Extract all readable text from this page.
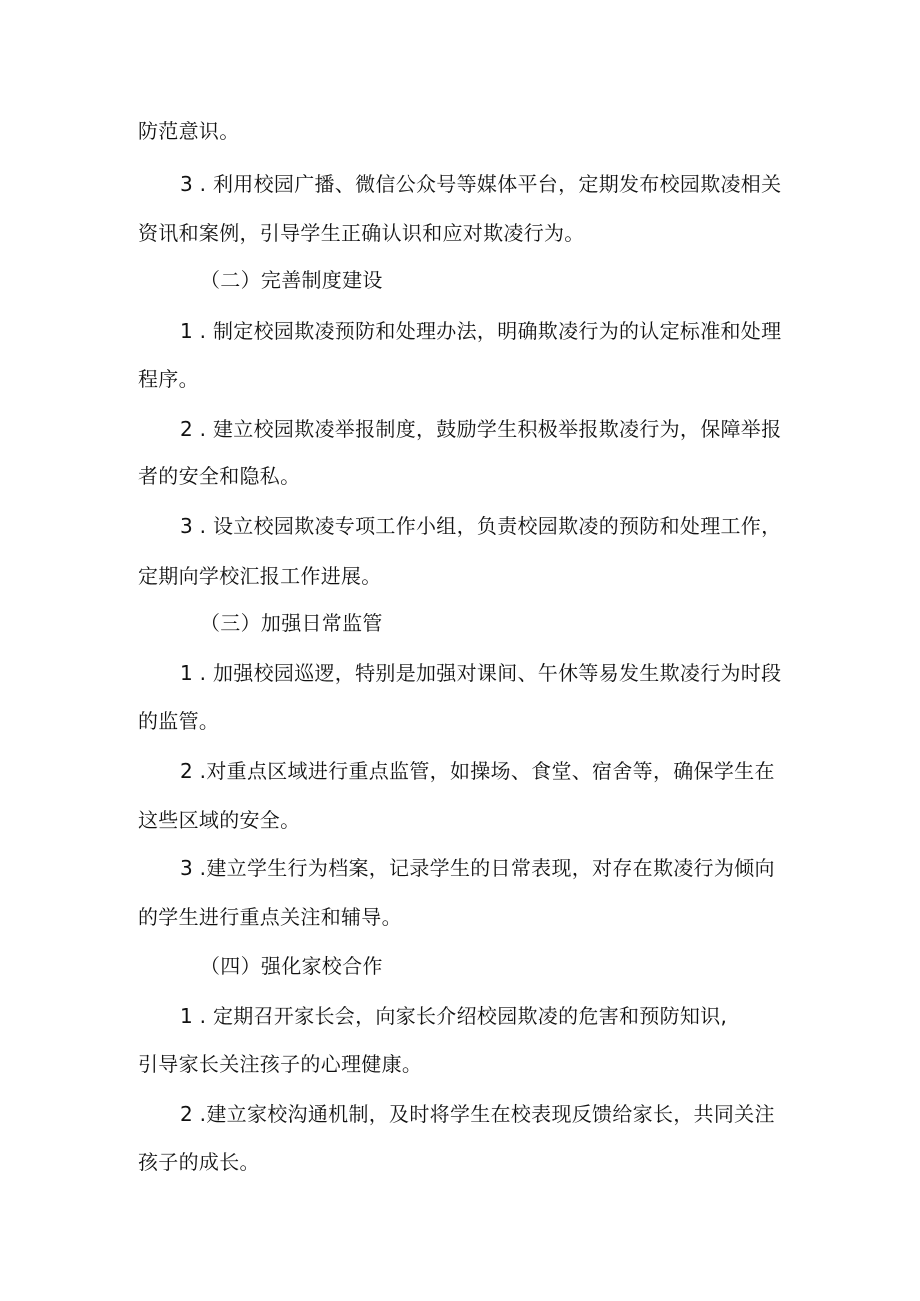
防范意识。
3 . 利用校园广播、微信公众号等媒体平台，定期发布校园欺凌相关
资讯和案例，引导学生正确认识和应对欺凌行为。
（二）完善制度建设
1 . 制定校园欺凌预防和处理办法，明确欺凌行为的认定标准和处理
程序。
2 . 建立校园欺凌举报制度，鼓励学生积极举报欺凌行为，保障举报
者的安全和隐私。
3 . 设立校园欺凌专项工作小组，负责校园欺凌的预防和处理工作，
定期向学校汇报工作进展。
（三）加强日常监管
1 . 加强校园巡逻，特别是加强对课间、午休等易发生欺凌行为时段
的监管。
2 .对重点区域进行重点监管，如操场、食堂、宿舍等，确保学生在
这些区域的安全。
3 .建立学生行为档案，记录学生的日常表现，对存在欺凌行为倾向
的学生进行重点关注和辅导。
（四）强化家校合作
1 . 定期召开家长会，向家长介绍校园欺凌的危害和预防知识,
引导家长关注孩子的心理健康。
2 .建立家校沟通机制，及时将学生在校表现反馈给家长，共同关注
孩子的成长。
